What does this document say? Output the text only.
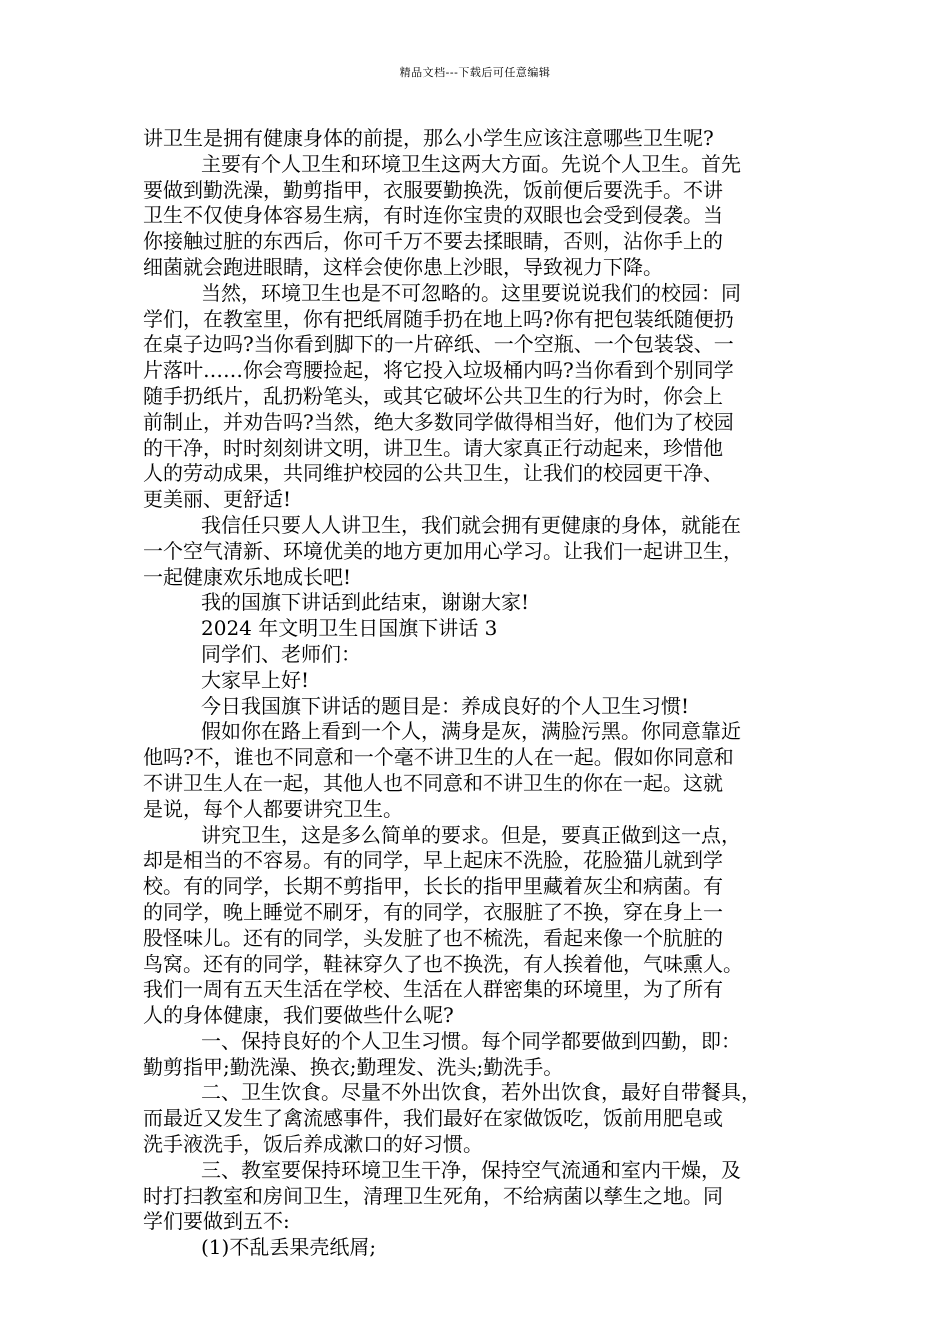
精品文档---下载后可任意编辑
讲卫生是拥有健康身体的前提，那么小学生应该注意哪些卫生呢?
主要有个人卫生和环境卫生这两大方面。先说个人卫生。首先
要做到勤洗澡，勤剪指甲，衣服要勤换洗，饭前便后要洗手。不讲
卫生不仅使身体容易生病，有时连你宝贵的双眼也会受到侵袭。当
你接触过脏的东西后，你可千万不要去揉眼睛，否则，沾你手上的
细菌就会跑进眼睛，这样会使你患上沙眼，导致视力下降。
当然，环境卫生也是不可忽略的。这里要说说我们的校园：同
学们，在教室里，你有把纸屑随手扔在地上吗?你有把包装纸随便扔
在桌子边吗?当你看到脚下的一片碎纸、一个空瓶、一个包装袋、一
片落叶……你会弯腰捡起，将它投入垃圾桶内吗?当你看到个别同学
随手扔纸片，乱扔粉笔头，或其它破坏公共卫生的行为时，你会上
前制止，并劝告吗?当然，绝大多数同学做得相当好，他们为了校园
的干净，时时刻刻讲文明，讲卫生。请大家真正行动起来，珍惜他
人的劳动成果，共同维护校园的公共卫生，让我们的校园更干净、
更美丽、更舒适!
我信任只要人人讲卫生，我们就会拥有更健康的身体，就能在
一个空气清新、环境优美的地方更加用心学习。让我们一起讲卫生，
一起健康欢乐地成长吧!
我的国旗下讲话到此结束，谢谢大家!
2024 年文明卫生日国旗下讲话 3
同学们、老师们：
大家早上好!
今日我国旗下讲话的题目是：养成良好的个人卫生习惯!
假如你在路上看到一个人，满身是灰，满脸污黑。你同意靠近
他吗?不，谁也不同意和一个毫不讲卫生的人在一起。假如你同意和
不讲卫生人在一起，其他人也不同意和不讲卫生的你在一起。这就
是说，每个人都要讲究卫生。
讲究卫生，这是多么简单的要求。但是，要真正做到这一点，
却是相当的不容易。有的同学，早上起床不洗脸，花脸猫儿就到学
校。有的同学，长期不剪指甲，长长的指甲里藏着灰尘和病菌。有
的同学，晚上睡觉不刷牙，有的同学，衣服脏了不换，穿在身上一
股怪味儿。还有的同学，头发脏了也不梳洗，看起来像一个肮脏的
鸟窝。还有的同学，鞋袜穿久了也不换洗，有人挨着他，气味熏人。
我们一周有五天生活在学校、生活在人群密集的环境里，为了所有
人的身体健康，我们要做些什么呢?
一、保持良好的个人卫生习惯。每个同学都要做到四勤，即：
勤剪指甲;勤洗澡、换衣;勤理发、洗头;勤洗手。
二、卫生饮食。尽量不外出饮食，若外出饮食，最好自带餐具，
而最近又发生了禽流感事件，我们最好在家做饭吃，饭前用肥皂或
洗手液洗手，饭后养成漱口的好习惯。
三、教室要保持环境卫生干净，保持空气流通和室内干燥，及
时打扫教室和房间卫生，清理卫生死角，不给病菌以孳生之地。同
学们要做到五不:
(1)不乱丢果壳纸屑;
